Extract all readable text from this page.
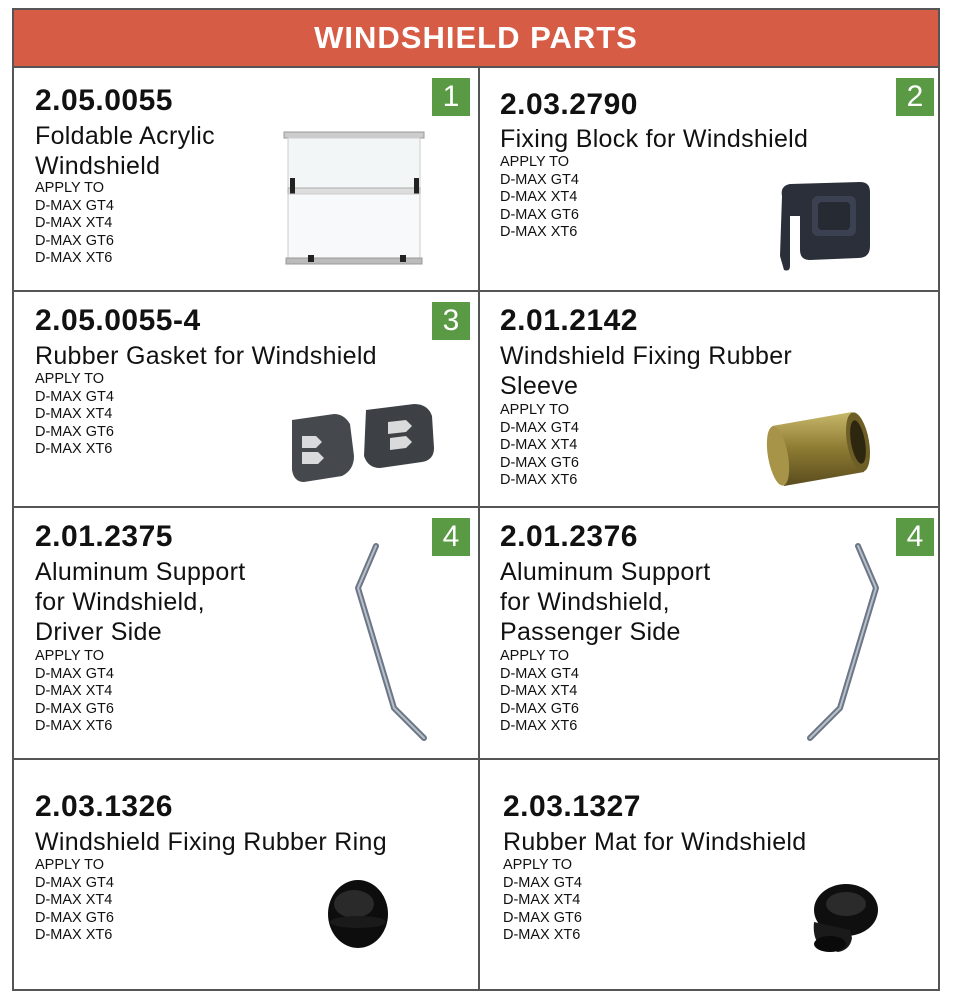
WINDSHIELD PARTS
2.05.0055
Foldable Acrylic
Windshield
APPLY TO
D-MAX GT4
D-MAX XT4
D-MAX GT6
D-MAX XT6
1	2.03.2790
Fixing Block for Windshield
APPLY TO
D-MAX GT4
D-MAX XT4
D-MAX GT6
D-MAX XT6
2
2.05.0055-4
Rubber Gasket for Windshield
APPLY TO
D-MAX GT4
D-MAX XT4
D-MAX GT6
D-MAX XT6
3	2.01.2142
Windshield Fixing Rubber
Sleeve
APPLY TO
D-MAX GT4
D-MAX XT4
D-MAX GT6
D-MAX XT6
2.01.2375
Aluminum Support
for Windshield,
Driver Side
APPLY TO
D-MAX GT4
D-MAX XT4
D-MAX GT6
D-MAX XT6
4	2.01.2376
Aluminum Support
for Windshield,
Passenger Side
APPLY TO
D-MAX GT4
D-MAX XT4
D-MAX GT6
D-MAX XT6
4
2.03.1326
Windshield Fixing Rubber Ring
APPLY TO
D-MAX GT4
D-MAX XT4
D-MAX GT6
D-MAX XT6
2.03.1327
Rubber Mat for Windshield
APPLY TO
D-MAX GT4
D-MAX XT4
D-MAX GT6
D-MAX XT6
